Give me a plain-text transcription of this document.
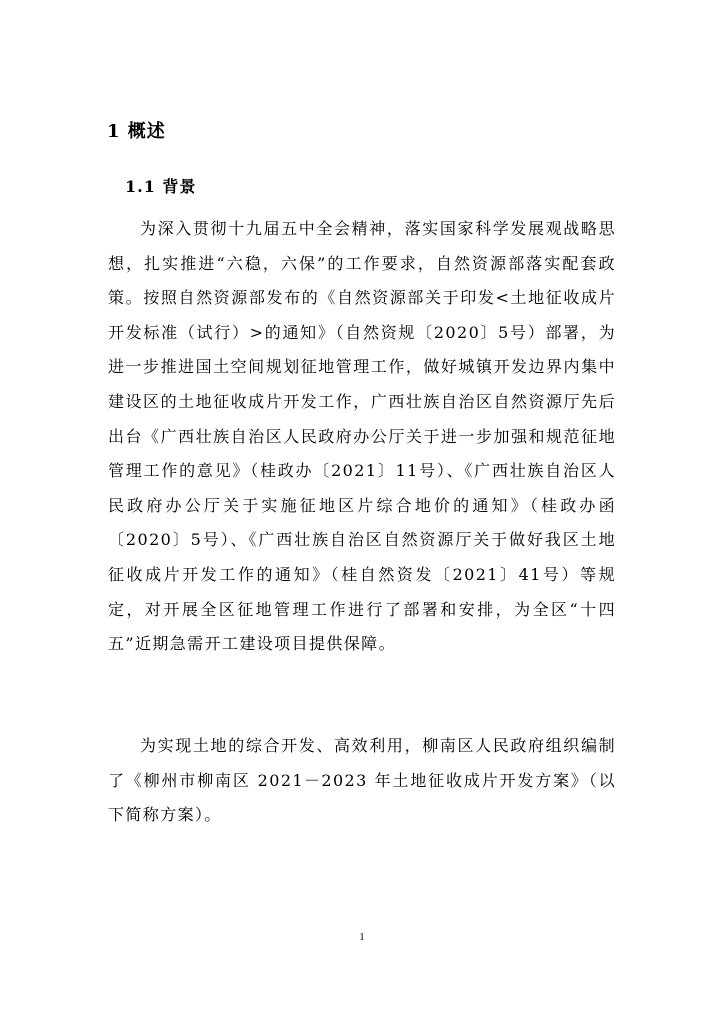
1 概述
1.1 背景

为深入贯彻十九届五中全会精神，落实国家科学发展观战略思想，扎实推进“六稳，六保”的工作要求，自然资源部落实配套政策。按照自然资源部发布的《自然资源部关于印发<土地征收成片开发标准（试行）>的通知》（自然资规〔2020〕5号）部署，为进一步推进国土空间规划征地管理工作，做好城镇开发边界内集中建设区的土地征收成片开发工作，广西壮族自治区自然资源厅先后出台《广西壮族自治区人民政府办公厅关于进一步加强和规范征地管理工作的意见》（桂政办〔2021〕11号）、《广西壮族自治区人民政府办公厅关于实施征地区片综合地价的通知》（桂政办函〔2020〕5号）、《广西壮族自治区自然资源厅关于做好我区土地征收成片开发工作的通知》（桂自然资发〔2021〕41号）等规定，对开展全区征地管理工作进行了部署和安排，为全区“十四五”近期急需开工建设项目提供保障。

为实现土地的综合开发、高效利用，柳南区人民政府组织编制了《柳州市柳南区 2021－2023 年土地征收成片开发方案》（以下简称方案）。

1
